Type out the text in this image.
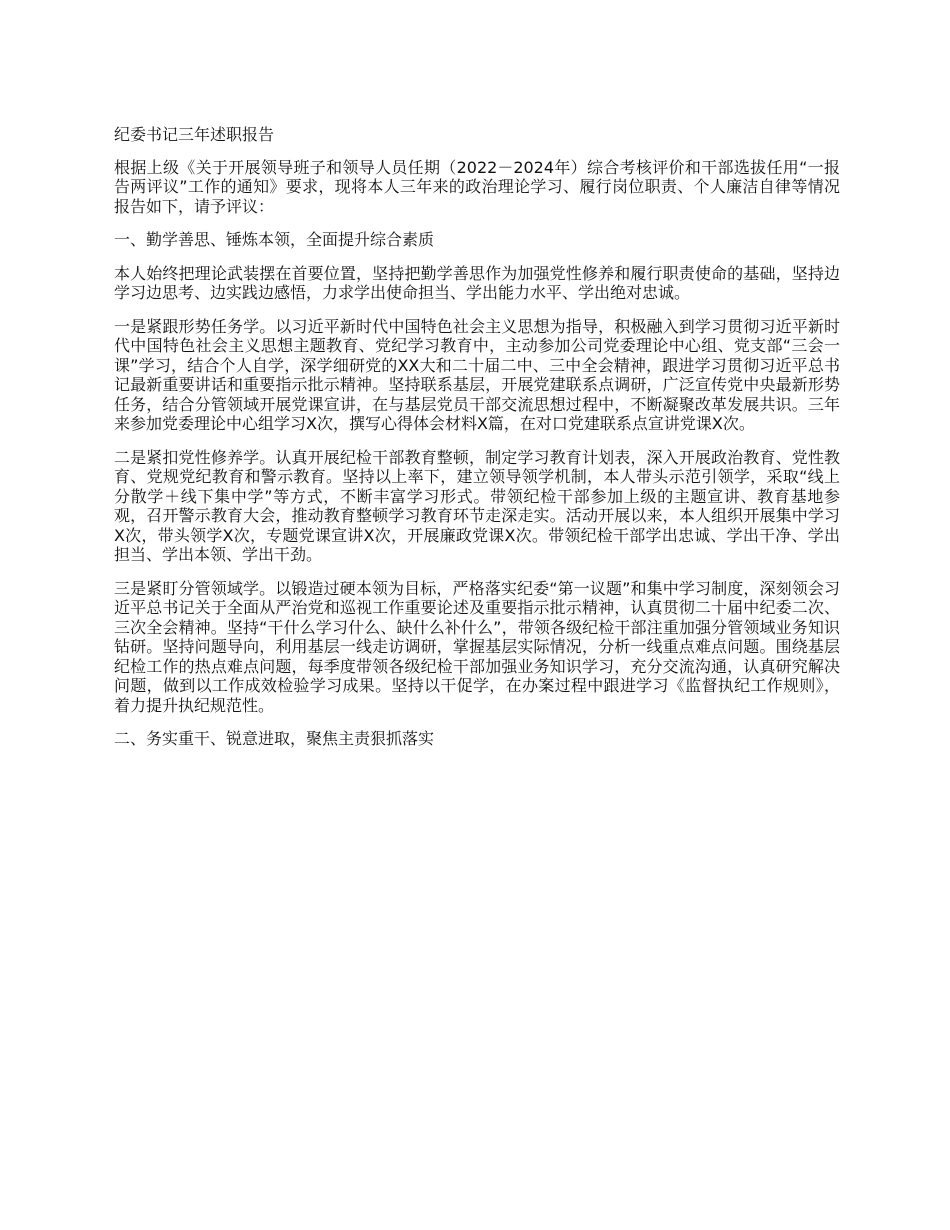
纪委书记三年述职报告

根据上级《关于开展领导班子和领导人员任期（2022－2024年）综合考核评价和干部选拔任用“一报告两评议”工作的通知》要求，现将本人三年来的政治理论学习、履行岗位职责、个人廉洁自律等情况报告如下，请予评议：

一、勤学善思、锤炼本领，全面提升综合素质

本人始终把理论武装摆在首要位置，坚持把勤学善思作为加强党性修养和履行职责使命的基础，坚持边学习边思考、边实践边感悟，力求学出使命担当、学出能力水平、学出绝对忠诚。

一是紧跟形势任务学。以习近平新时代中国特色社会主义思想为指导，积极融入到学习贯彻习近平新时代中国特色社会主义思想主题教育、党纪学习教育中，主动参加公司党委理论中心组、党支部“三会一课”学习，结合个人自学，深学细研党的XX大和二十届二中、三中全会精神，跟进学习贯彻习近平总书记最新重要讲话和重要指示批示精神。坚持联系基层，开展党建联系点调研，广泛宣传党中央最新形势任务，结合分管领域开展党课宣讲，在与基层党员干部交流思想过程中，不断凝聚改革发展共识。三年来参加党委理论中心组学习X次，撰写心得体会材料X篇，在对口党建联系点宣讲党课X次。

二是紧扣党性修养学。认真开展纪检干部教育整顿，制定学习教育计划表，深入开展政治教育、党性教育、党规党纪教育和警示教育。坚持以上率下，建立领导领学机制，本人带头示范引领学，采取“线上分散学＋线下集中学”等方式，不断丰富学习形式。带领纪检干部参加上级的主题宣讲、教育基地参观，召开警示教育大会，推动教育整顿学习教育环节走深走实。活动开展以来，本人组织开展集中学习X次，带头领学X次，专题党课宣讲X次，开展廉政党课X次。带领纪检干部学出忠诚、学出干净、学出担当、学出本领、学出干劲。

三是紧盯分管领域学。以锻造过硬本领为目标，严格落实纪委“第一议题”和集中学习制度，深刻领会习近平总书记关于全面从严治党和巡视工作重要论述及重要指示批示精神，认真贯彻二十届中纪委二次、三次全会精神。坚持“干什么学习什么、缺什么补什么”，带领各级纪检干部注重加强分管领域业务知识钻研。坚持问题导向，利用基层一线走访调研，掌握基层实际情况，分析一线重点难点问题。围绕基层纪检工作的热点难点问题，每季度带领各级纪检干部加强业务知识学习，充分交流沟通，认真研究解决问题，做到以工作成效检验学习成果。坚持以干促学，在办案过程中跟进学习《监督执纪工作规则》，着力提升执纪规范性。

二、务实重干、锐意进取，聚焦主责狠抓落实
